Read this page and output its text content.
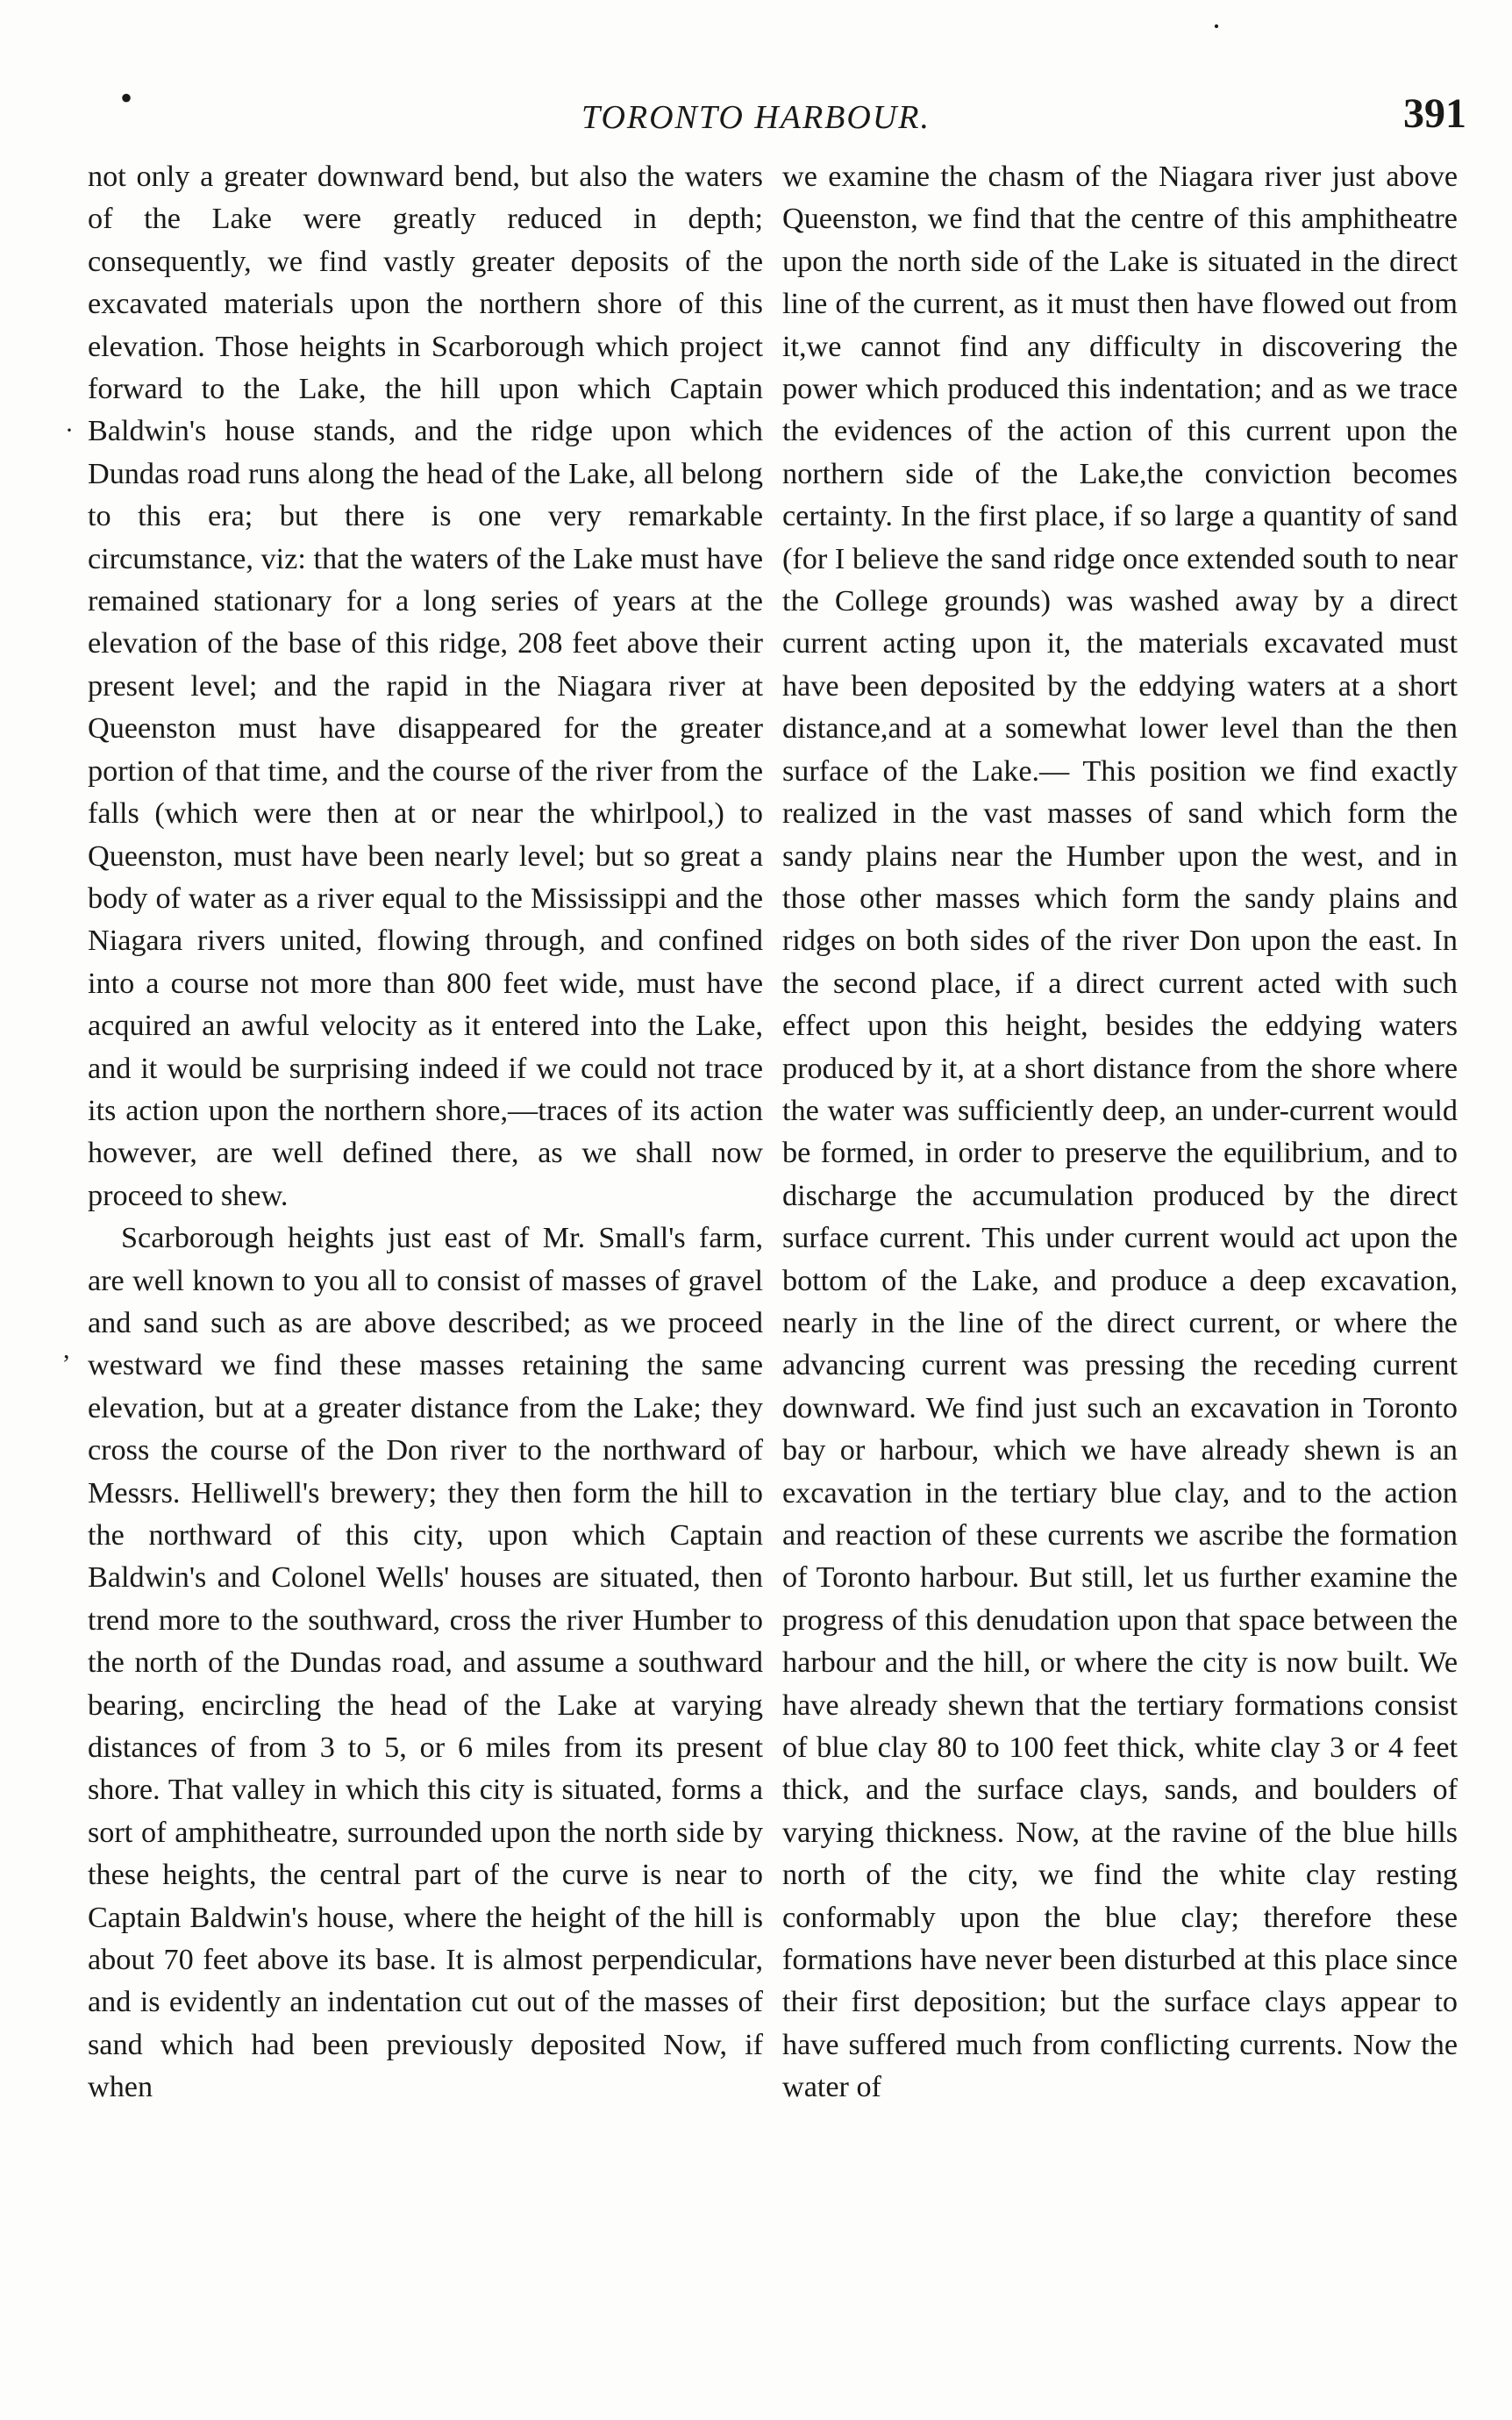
·
•	TORONTO HARBOUR.	391
·
,

not only a greater downward bend, but also the waters of the Lake were greatly reduced in depth; consequently, we find vastly greater deposits of the excavated materials upon the northern shore of this elevation. Those heights in Scarborough which project forward to the Lake, the hill upon which Captain Baldwin's house stands, and the ridge upon which Dundas road runs along the head of the Lake, all belong to this era; but there is one very remarkable circumstance, viz: that the waters of the Lake must have remained stationary for a long series of years at the elevation of the base of this ridge, 208 feet above their present level; and the rapid in the Niagara river at Queenston must have disappeared for the greater portion of that time, and the course of the river from the falls (which were then at or near the whirlpool,) to Queenston, must have been nearly level; but so great a body of water as a river equal to the Mississippi and the Niagara rivers united, flowing through, and confined into a course not more than 800 feet wide, must have acquired an awful velocity as it entered into the Lake, and it would be surprising indeed if we could not trace its action upon the northern shore,—traces of its action however, are well defined there, as we shall now proceed to shew.

Scarborough heights just east of Mr. Small's farm, are well known to you all to consist of masses of gravel and sand such as are above described; as we proceed westward we find these masses retaining the same elevation, but at a greater distance from the Lake; they cross the course of the Don river to the northward of Messrs. Helliwell's brewery; they then form the hill to the northward of this city, upon which Captain Baldwin's and Colonel Wells' houses are situated, then trend more to the southward, cross the river Humber to the north of the Dundas road, and assume a southward bearing, encircling the head of the Lake at varying distances of from 3 to 5, or 6 miles from its present shore. That valley in which this city is situated, forms a sort of amphitheatre, surrounded upon the north side by these heights, the central part of the curve is near to Captain Baldwin's house, where the height of the hill is about 70 feet above its base. It is almost perpendicular, and is evidently an indentation cut out of the masses of sand which had been previously deposited Now, if when

we examine the chasm of the Niagara river just above Queenston, we find that the centre of this amphitheatre upon the north side of the Lake is situated in the direct line of the current, as it must then have flowed out from it,we cannot find any difficulty in discovering the power which produced this indentation; and as we trace the evidences of the action of this current upon the northern side of the Lake,the conviction becomes certainty. In the first place, if so large a quantity of sand (for I believe the sand ridge once extended south to near the College grounds) was washed away by a direct current acting upon it, the materials excavated must have been deposited by the eddying waters at a short distance,and at a somewhat lower level than the then surface of the Lake.— This position we find exactly realized in the vast masses of sand which form the sandy plains near the Humber upon the west, and in those other masses which form the sandy plains and ridges on both sides of the river Don upon the east. In the second place, if a direct current acted with such effect upon this height, besides the eddying waters produced by it, at a short distance from the shore where the water was sufficiently deep, an under-current would be formed, in order to preserve the equilibrium, and to discharge the accumulation produced by the direct surface current. This under current would act upon the bottom of the Lake, and produce a deep excavation, nearly in the line of the direct current, or where the advancing current was pressing the receding current downward. We find just such an excavation in Toronto bay or harbour, which we have already shewn is an excavation in the tertiary blue clay, and to the action and reaction of these currents we ascribe the formation of Toronto harbour. But still, let us further examine the progress of this denudation upon that space between the harbour and the hill, or where the city is now built. We have already shewn that the tertiary formations consist of blue clay 80 to 100 feet thick, white clay 3 or 4 feet thick, and the surface clays, sands, and boulders of varying thickness. Now, at the ravine of the blue hills north of the city, we find the white clay resting conformably upon the blue clay; therefore these formations have never been disturbed at this place since their first deposition; but the surface clays appear to have suffered much from conflicting currents. Now the water of
